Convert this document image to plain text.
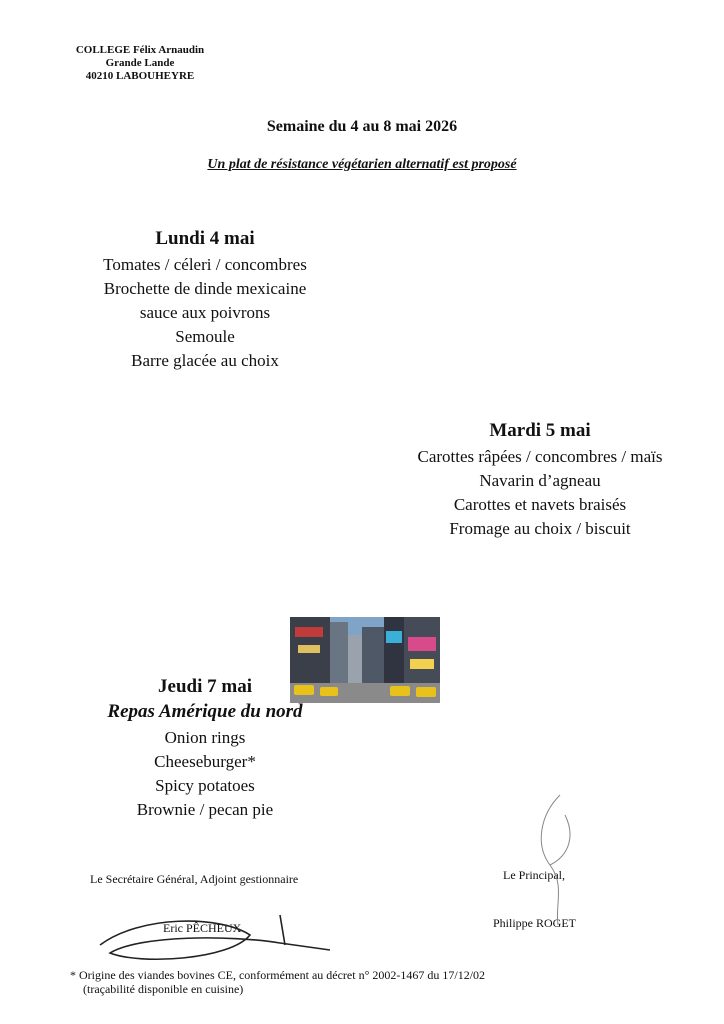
COLLEGE Félix Arnaudin
Grande Lande
40210 LABOUHEYRE
Semaine du 4 au 8 mai 2026
Un plat de résistance végétarien alternatif est proposé
Lundi 4 mai
Tomates / céleri / concombres
Brochette de dinde mexicaine
sauce aux poivrons
Semoule
Barre glacée au choix
Mardi 5 mai
Carottes râpées / concombres / maïs
Navarin d’agneau
Carottes et navets braisés
Fromage au choix / biscuit
Jeudi 7 mai
Repas Amérique du nord
Onion rings
Cheeseburger*
Spicy potatoes
Brownie / pecan pie
Le Secrétaire Général, Adjoint gestionnaire
Eric PÊCHEUX
Le Principal,
Philippe ROGET
* Origine des viandes bovines CE, conformément au décret n° 2002-1467 du 17/12/02
(traçabilité disponible en cuisine)
